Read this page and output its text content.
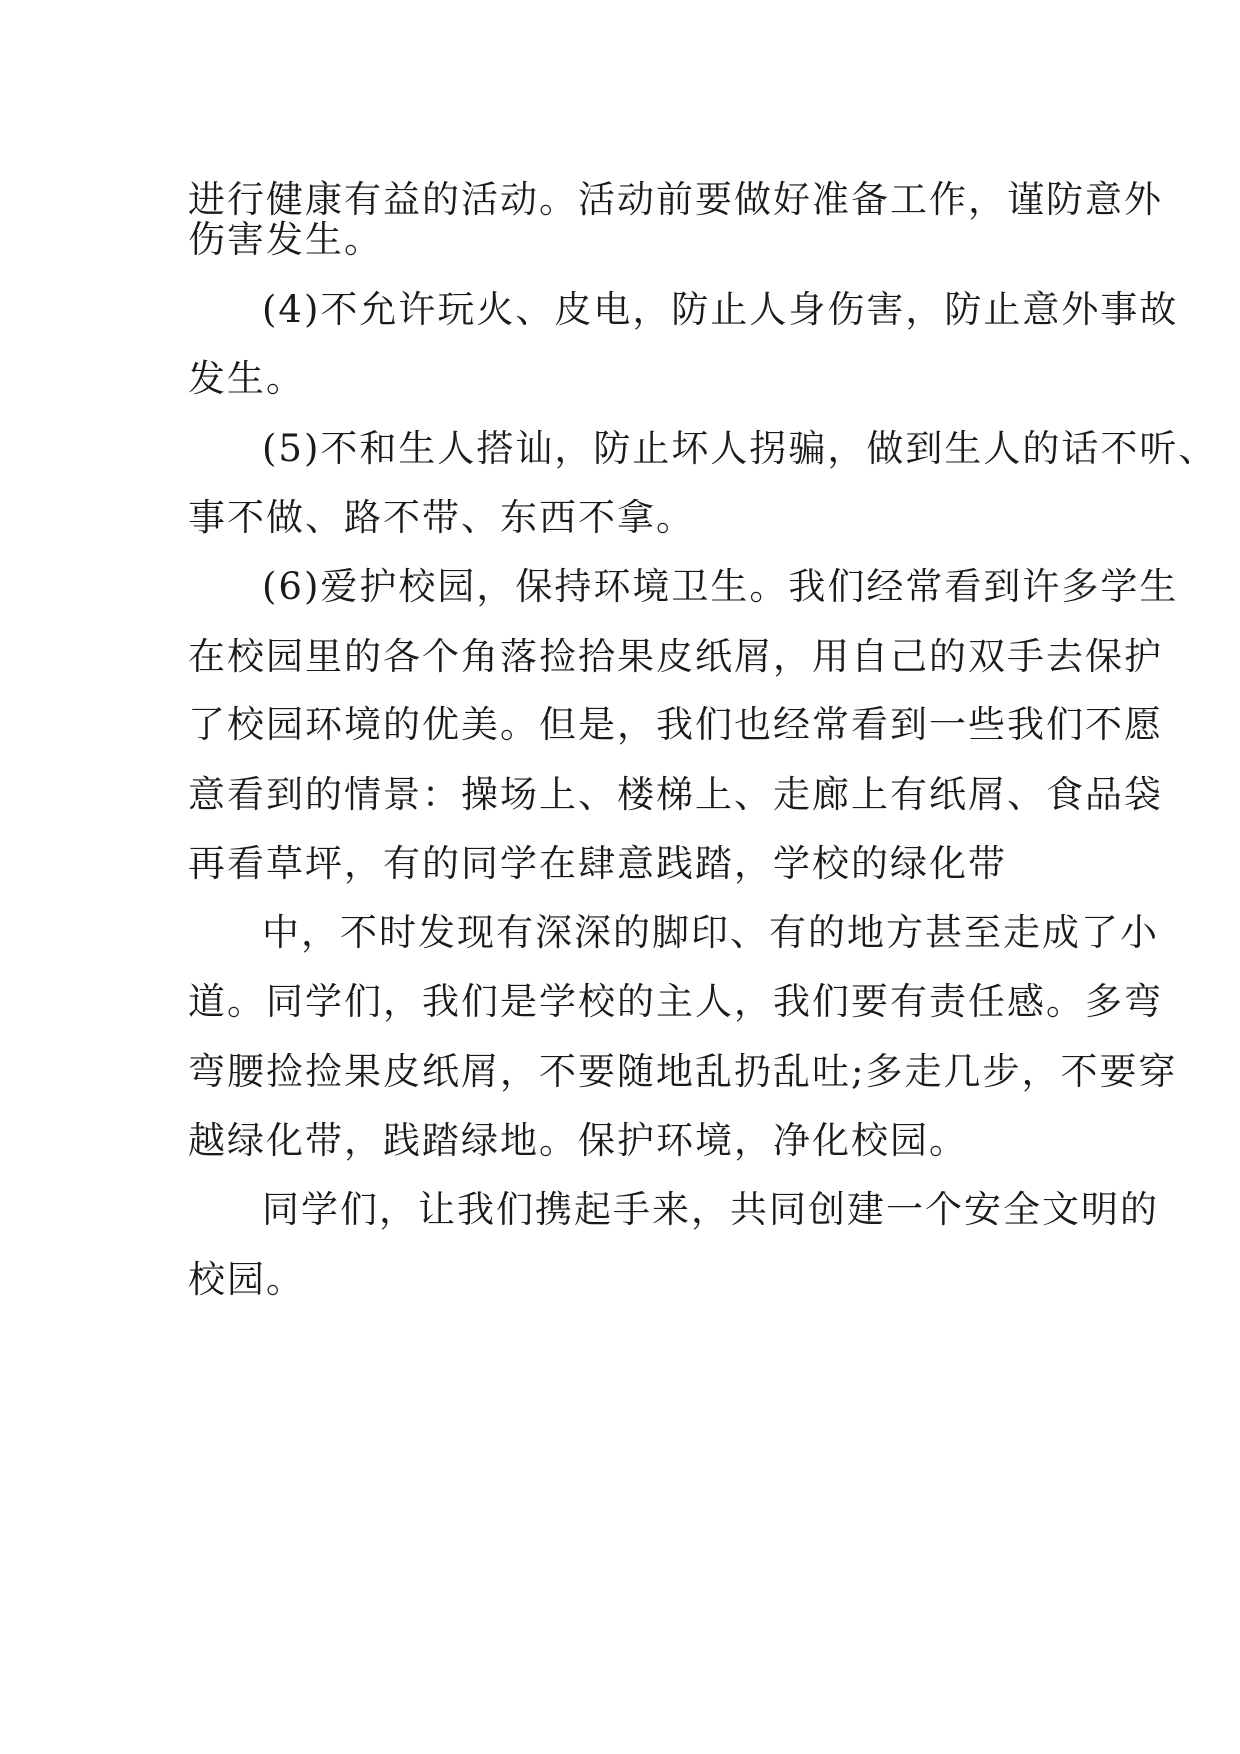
进行健康有益的活动。活动前要做好准备工作，谨防意外
伤害发生。
(4)不允许玩火、皮电，防止人身伤害，防止意外事故
发生。
(5)不和生人搭讪，防止坏人拐骗，做到生人的话不听、
事不做、路不带、东西不拿。
(6)爱护校园，保持环境卫生。我们经常看到许多学生
在校园里的各个角落捡拾果皮纸屑，用自己的双手去保护
了校园环境的优美。但是，我们也经常看到一些我们不愿
意看到的情景：操场上、楼梯上、走廊上有纸屑、食品袋
再看草坪，有的同学在肆意践踏，学校的绿化带
中，不时发现有深深的脚印、有的地方甚至走成了小
道。同学们，我们是学校的主人，我们要有责任感。多弯
弯腰捡捡果皮纸屑，不要随地乱扔乱吐;多走几步，不要穿
越绿化带，践踏绿地。保护环境，净化校园。
同学们，让我们携起手来，共同创建一个安全文明的
校园。
